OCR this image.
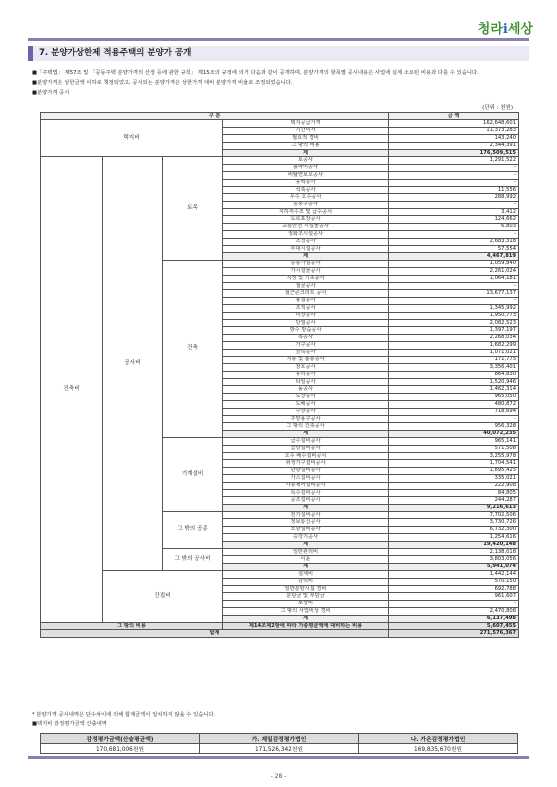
청라i세상
7. 분양가상한제 적용주택의 분양가 공개
■ 「주택법」 제57조 및 「공동주택 분양가격의 산정 등에 관한 규칙」 제15조의 규정에 의거 다음과 같이 공개하며, 분양가격의 항목별 공시내용은 사업에 실제 소요된 비용과 다를 수 있습니다.
■ 분양가격은 상한금액 이하로 책정되었고, 공시되는 분양가격은 상한가격 대비 분양가격 비율로 조정되었습니다.
■ 분양가격 공시
(단위 : 천원)
구 분				금 액
택지비			택지공급가격	162,648,601
			기간이자	11,373,283
			필요적 경비	143,240
			그 밖의 비용	2,344,391
			계	176,509,515
건축비	공사비	토목	토공사	1,291,522
			흙막이공사	-
			비탈면보호공사	-
			옹벽공사	-
			석축공사	11,556
			우수 오수공사	288,992
			공동구공사	-
			지하저수조 및 급수공사	3,412
			도로포장공사	124,662
			교통안전 시설물공사	6,803
			정화조시설공사	-
			조경공사	2,683,318
			부대시설공사	57,554
			계	4,467,819
		건축	공통가설공사	1,059,840
			가시설물공사	2,261,024
			지정 및 기초공사	1,064,181
			철골공사	-
			철근콘크리트 공사	13,677,137
			용접공사	-
			조적공사	1,345,992
			미장공사	1,950,773
			단열공사	2,082,523
			방수 방습공사	1,397,197
			목공사	2,268,034
			가구공사	1,682,299
			금속공사	1,071,021
			지붕 및 홈통공사	171,775
			창호공사	3,356,401
			유리공사	864,830
			타일공사	1,520,946
			돌공사	1,462,314
			도장공사	965,050
			도배공사	480,872
			수장공사	718,694
			주방용구공사	-
			그 밖의 건축공사	956,328
			계	40,072,235
		기계설비	급수설비공사	965,141
			급탕설비공사	571,508
			오수 배수설비공사	3,255,978
			위생기구설비공사	1,704,541
			난방설비공사	1,895,425
			가스설비공사	335,021
			자동제어설비공사	222,908
			특수설비공사	84,805
			공조설비공사	244,287
			계	9,216,613
		그 밖의 공종	전기설비공사	7,702,506
			정보통신공사	3,730,726
			소방설비공사	6,732,300
			승강기공사	1,254,616
			계	19,420,148
		그 밖의 공사비	일반관리비	2,138,018
			이윤	3,803,056
			계	5,941,074
	간접비		설계비	1,442,144
			감리비	570,150
			일반분양시설 경비	692,788
			분담금 및 부담금	961,607
			보상비	-
			그 밖의 사업비성 경비	2,470,808
			계	6,137,498
그 밖의 비용			제14조제2항에 따라 가중평균액에 대비하는 비용	5,607,455
합계				271,576,367
* 분양가격 공시내역은 단수차이에 의해 합계금액이 일치하지 않을 수 있습니다.
■ 택지비 감정평가금액 산출내역
감정평가금액(산술평균액)	가. 제일감정평가법인	나. 가온감정평가법인
170,681,006천원	171,526,342천원	169,835,670천원
- 28 -
